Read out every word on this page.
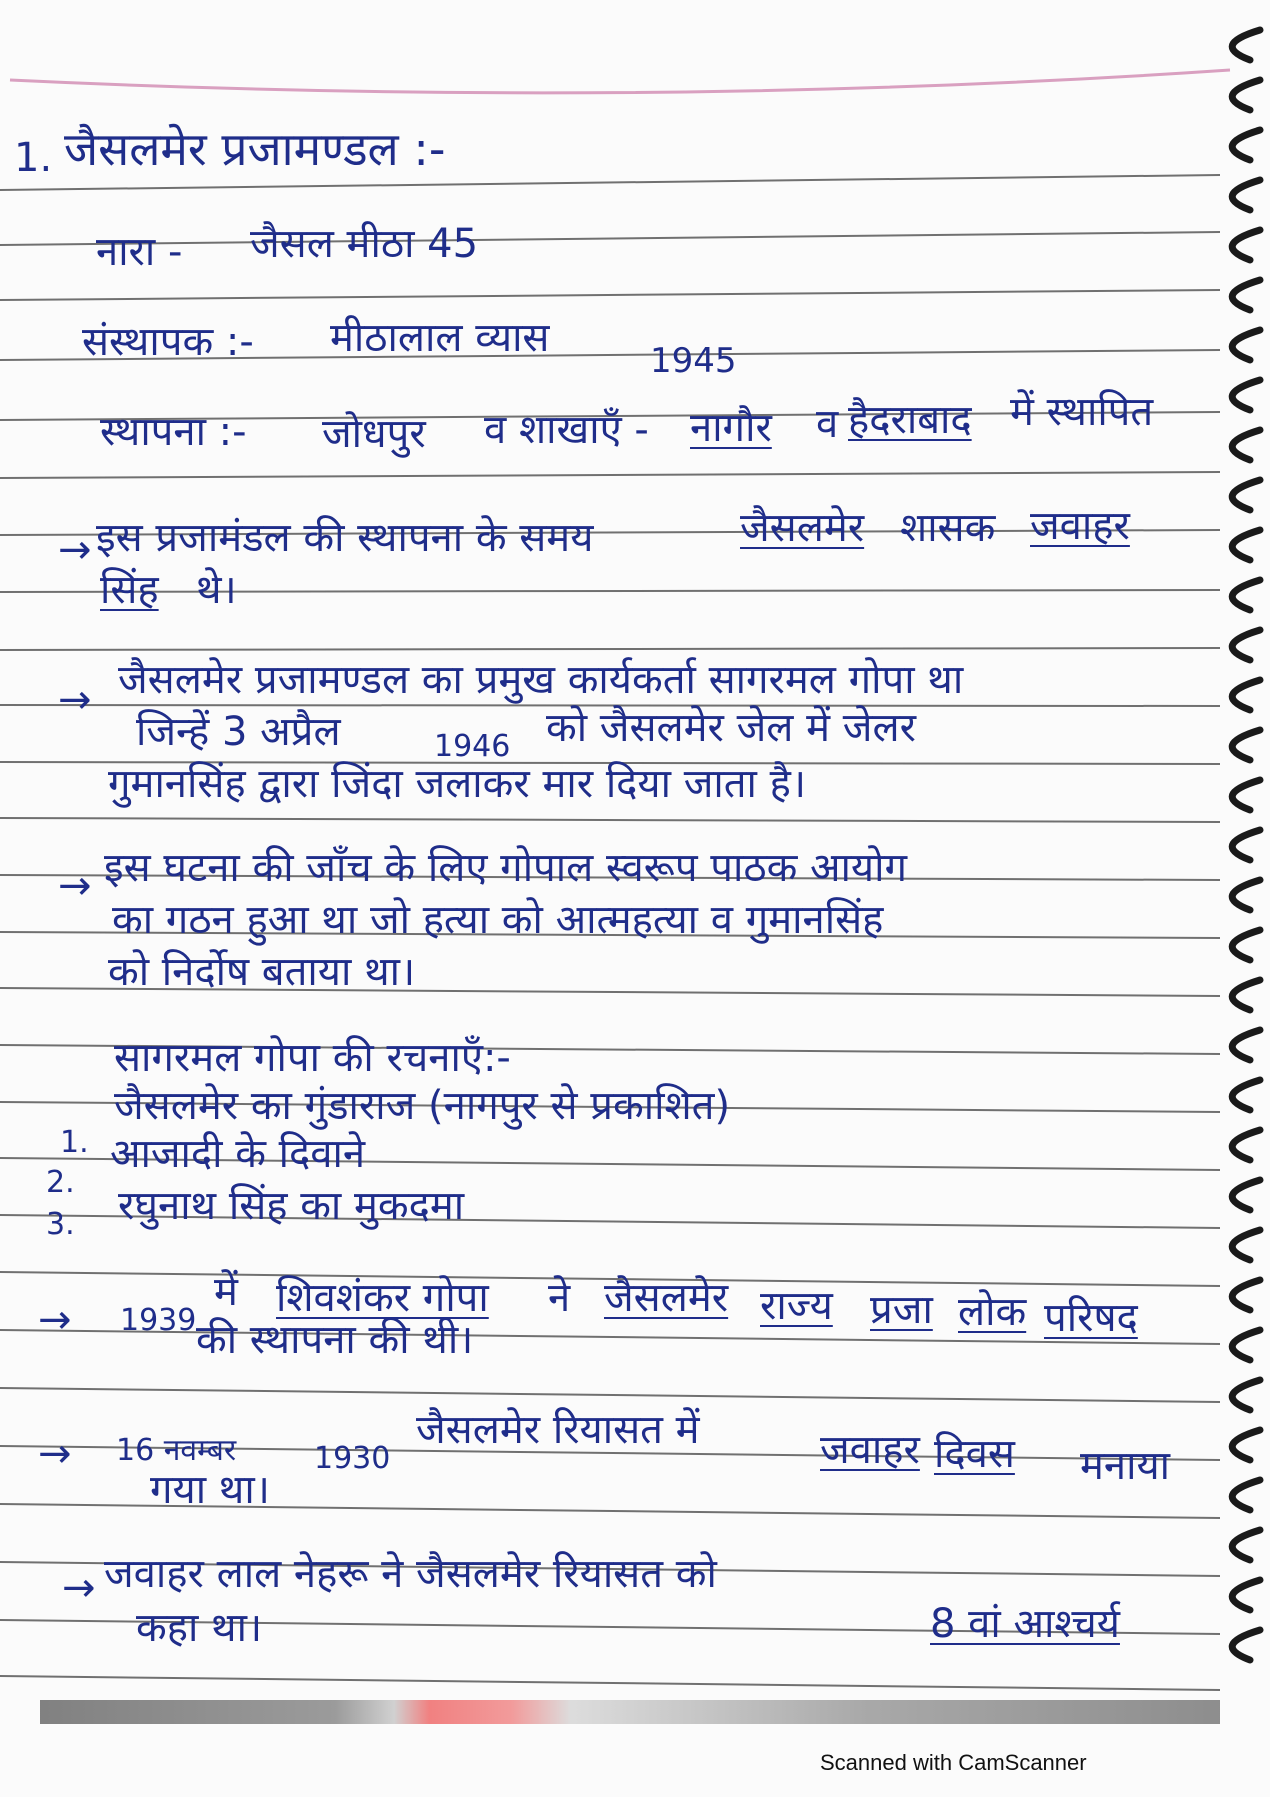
1. जैसलमेर प्रजामण्डल :-
नारा - जैसल मीठा 45
संस्थापक :- मीठालाल व्यास	1945
स्थापना :- जोधपुर व शाखाएँ - नागौर व हैदराबाद में स्थापित
→ इस प्रजामंडल की स्थापना के समय	जैसलमेर शासक जवाहर
सिंह थे।
→ जैसलमेर प्रजामण्डल का प्रमुख कार्यकर्ता सागरमल गोपा था
जिन्हें 3 अप्रैल	1946 को जैसलमेर जेल में जेलर
गुमानसिंह द्वारा जिंदा जलाकर मार दिया जाता है।
→ इस घटना की जाँच के लिए गोपाल स्वरूप पाठक आयोग
का गठन हुआ था जो हत्या को आत्महत्या व गुमानसिंह
को निर्दोष बताया था।
सागरमल गोपा की रचनाएँ:-
जैसलमेर का गुंडाराज (नागपुर से प्रकाशित)
1. आजादी के दिवाने
2.
3. रघुनाथ सिंह का मुकदमा
→ 1939
में शिवशंकर गोपा ने जैसलमेर राज्य प्रजा लोक परिषद
की स्थापना की थी।
→ 16 नवम्बर	1930
जैसलमेर रियासत में	जवाहर दिवस मनाया
गया था।
→ जवाहर लाल नेहरू ने जैसलमेर रियासत को
8 वां आश्चर्य
कहा था।
Scanned with CamScanner
